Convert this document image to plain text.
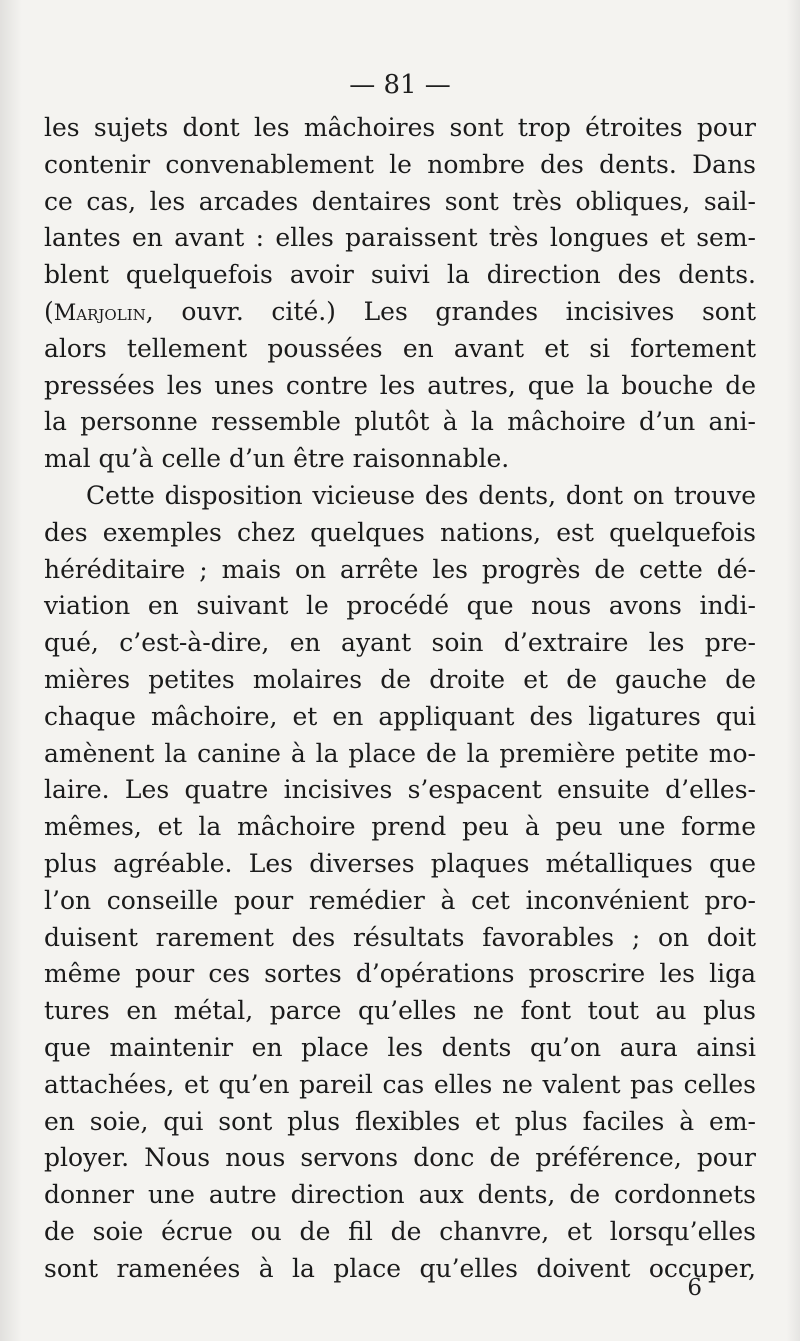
— 81 —
les sujets dont les mâchoires sont trop étroites pour
contenir convenablement le nombre des dents. Dans
ce cas, les arcades dentaires sont très obliques, sail-
lantes en avant : elles paraissent très longues et sem-
blent quelquefois avoir suivi la direction des dents.
(Marjolin, ouvr. cité.) Les grandes incisives sont
alors tellement poussées en avant et si fortement
pressées les unes contre les autres, que la bouche de
la personne ressemble plutôt à la mâchoire d’un ani-
mal qu’à celle d’un être raisonnable.
Cette disposition vicieuse des dents, dont on trouve
des exemples chez quelques nations, est quelquefois
héréditaire ; mais on arrête les progrès de cette dé-
viation en suivant le procédé que nous avons indi-
qué, c’est-à-dire, en ayant soin d’extraire les pre-
mières petites molaires de droite et de gauche de
chaque mâchoire, et en appliquant des ligatures qui
amènent la canine à la place de la première petite mo-
laire. Les quatre incisives s’espacent ensuite d’elles-
mêmes, et la mâchoire prend peu à peu une forme
plus agréable. Les diverses plaques métalliques que
l’on conseille pour remédier à cet inconvénient pro-
duisent rarement des résultats favorables ; on doit
même pour ces sortes d’opérations proscrire les liga
tures en métal, parce qu’elles ne font tout au plus
que maintenir en place les dents qu’on aura ainsi
attachées, et qu’en pareil cas elles ne valent pas celles
en soie, qui sont plus flexibles et plus faciles à em-
ployer. Nous nous servons donc de préférence, pour
donner une autre direction aux dents, de cordonnets
de soie écrue ou de fil de chanvre, et lorsqu’elles
sont ramenées à la place qu’elles doivent occuper,
6
